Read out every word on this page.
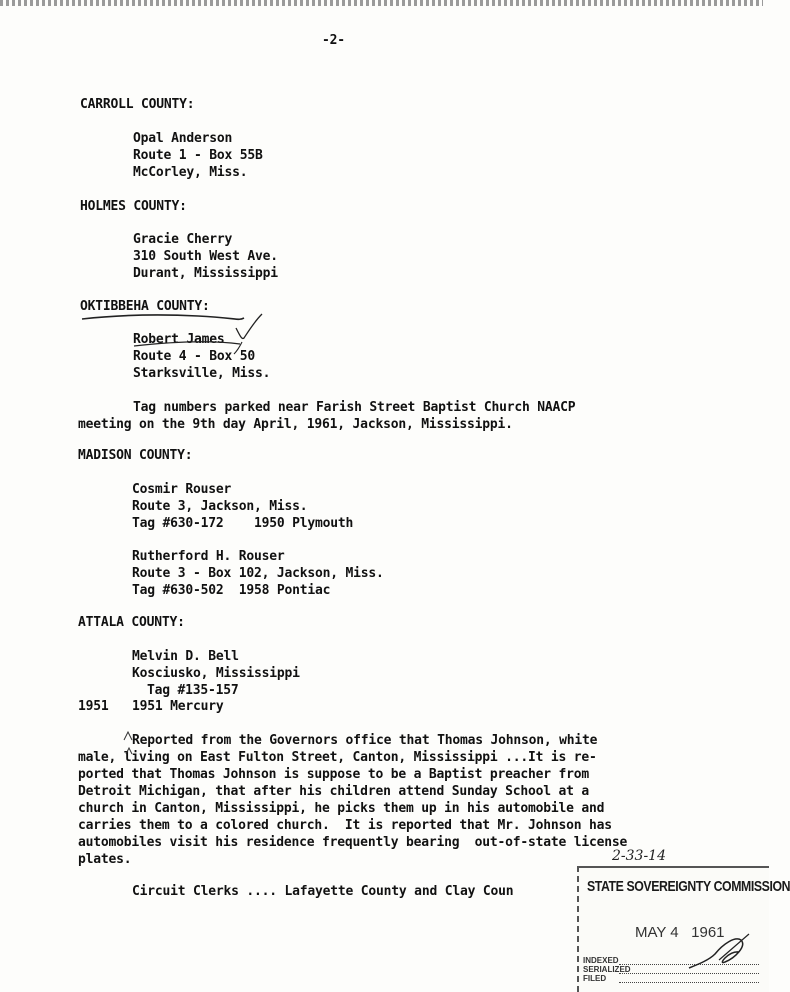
-2-
CARROLL COUNTY:
Opal Anderson
Route 1 - Box 55B
McCorley, Miss.
HOLMES COUNTY:
Gracie Cherry
310 South West Ave.
Durant, Mississippi
OKTIBBEHA COUNTY:
Robert James
Route 4 - Box 50
Starksville, Miss.
Tag numbers parked near Farish Street Baptist Church NAACP
meeting on the 9th day April, 1961, Jackson, Mississippi.
MADISON COUNTY:
Cosmir Rouser
Route 3, Jackson, Miss.
Tag #630-172    1950 Plymouth
Rutherford H. Rouser
Route 3 - Box 102, Jackson, Miss.
Tag #630-502  1958 Pontiac
ATTALA COUNTY:
Melvin D. Bell
Kosciusko, Mississippi
Tag #135-157
1951 1951 Mercury
Reported from the Governors office that Thomas Johnson, white
male, living on East Fulton Street, Canton, Mississippi ...It is re-
ported that Thomas Johnson is suppose to be a Baptist preacher from
Detroit Michigan, that after his children attend Sunday School at a
church in Canton, Mississippi, he picks them up in his automobile and
carries them to a colored church.  It is reported that Mr. Johnson has
automobiles visit his residence frequently bearing  out-of-state license
plates.
Circuit Clerks .... Lafayette County and Clay Coun
2-33-14
STATE SOVEREIGNTY COMMISSION
MAY 4   1961
INDEXED
SERIALIZED
FILED
